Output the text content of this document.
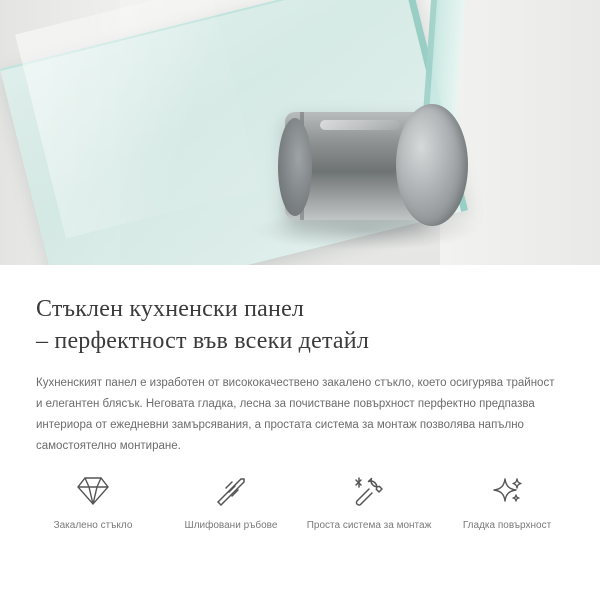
Стъклен кухненски панел
– перфектност във всеки детайл

Кухненският панел е изработен от висококачествено закалено стъкло, което осигурява трайност и елегантен блясък. Неговата гладка, лесна за почистване повърхност перфектно предпазва интериора от ежедневни замърсявания, а простата система за монтаж позволява напълно самостоятелно монтиране.

Закалено стъкло	Шлифовани ръбове	Проста система за монтаж	Гладка повърхност
